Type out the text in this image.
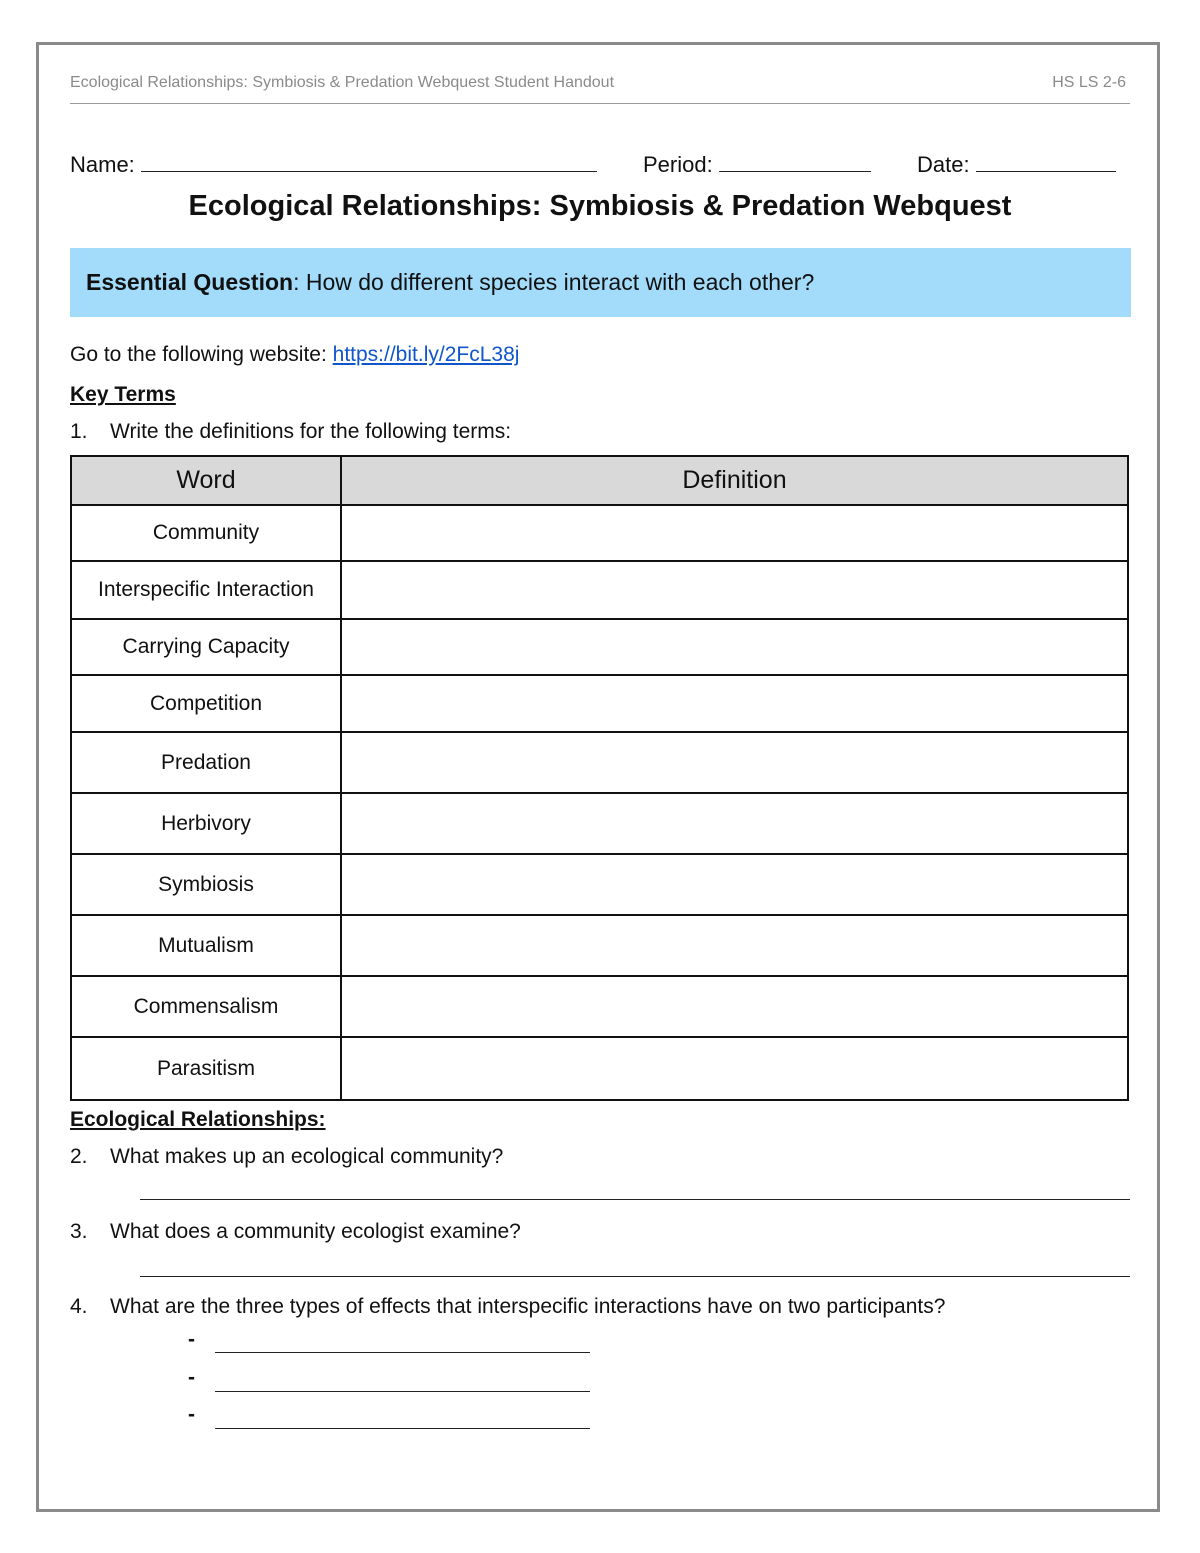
Ecological Relationships: Symbiosis & Predation Webquest Student Handout	HS LS 2-6
Name:	Period:	Date:
Ecological Relationships: Symbiosis & Predation Webquest
Essential Question: How do different species interact with each other?
Go to the following website: https://bit.ly/2FcL38j
Key Terms
1. Write the definitions for the following terms:
Word	Definition
Community	
Interspecific Interaction	
Carrying Capacity	
Competition	
Predation	
Herbivory	
Symbiosis	
Mutualism	
Commensalism	
Parasitism	
Ecological Relationships:
2. What makes up an ecological community?
3. What does a community ecologist examine?
4. What are the three types of effects that interspecific interactions have on two participants?
-
-
-
